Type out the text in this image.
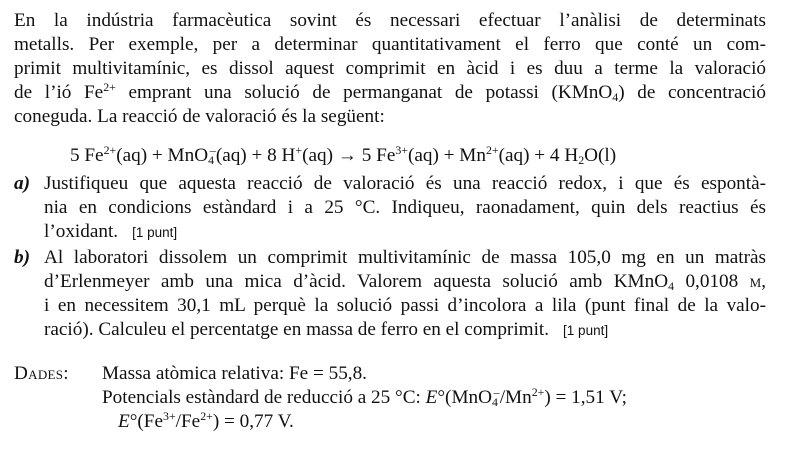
En la indústria farmacèutica sovint és necessari efectuar l’anàlisi de determinats
metalls. Per exemple, per a determinar quantitativament el ferro que conté un com-
primit multivitamínic, es dissol aquest comprimit en àcid i es duu a terme la valoració
de l’ió $Fe^{2+}$ emprant una solució de permanganat de potassi (KMnO$_4$) de concentració
coneguda. La reacció de valoració és la següent:
5 $Fe^{2+}(aq) + MnO_4^-(aq) + 8$ H+(aq) → 5 $Fe^{3+}(aq) + Mn^{2+}(aq) + 4$ $H_2O(l)$
a) Justifiqueu que aquesta reacció de valoració és una reacció redox, i que és espontà-
nia en condicions estàndard i a 25 °C. Indiqueu, raonadament, quin dels reactius és
l’oxidant. [1 punt]
b) Al laboratori dissolem un comprimit multivitamínic de massa 105,0 mg en un matràs
d’Erlenmeyer amb una mica d’àcid. Valorem aquesta solució amb KMnO$_4$ 0,0108 m,
i en necessitem 30,1 mL perquè la solució passi d’incolora a lila (punt final de la valo-
ració). Calculeu el percentatge en massa de ferro en el comprimit. [1 punt]
Dades: Massa atòmica relativa: Fe = 55,8.
Potencials estàndard de reducció a 25 °C: $E^\circ(MnO_4^-/Mn^{2+}) = 1,51$ V;
$E^\circ(Fe^{3+}/Fe^{2+}) = 0,77$ V.
